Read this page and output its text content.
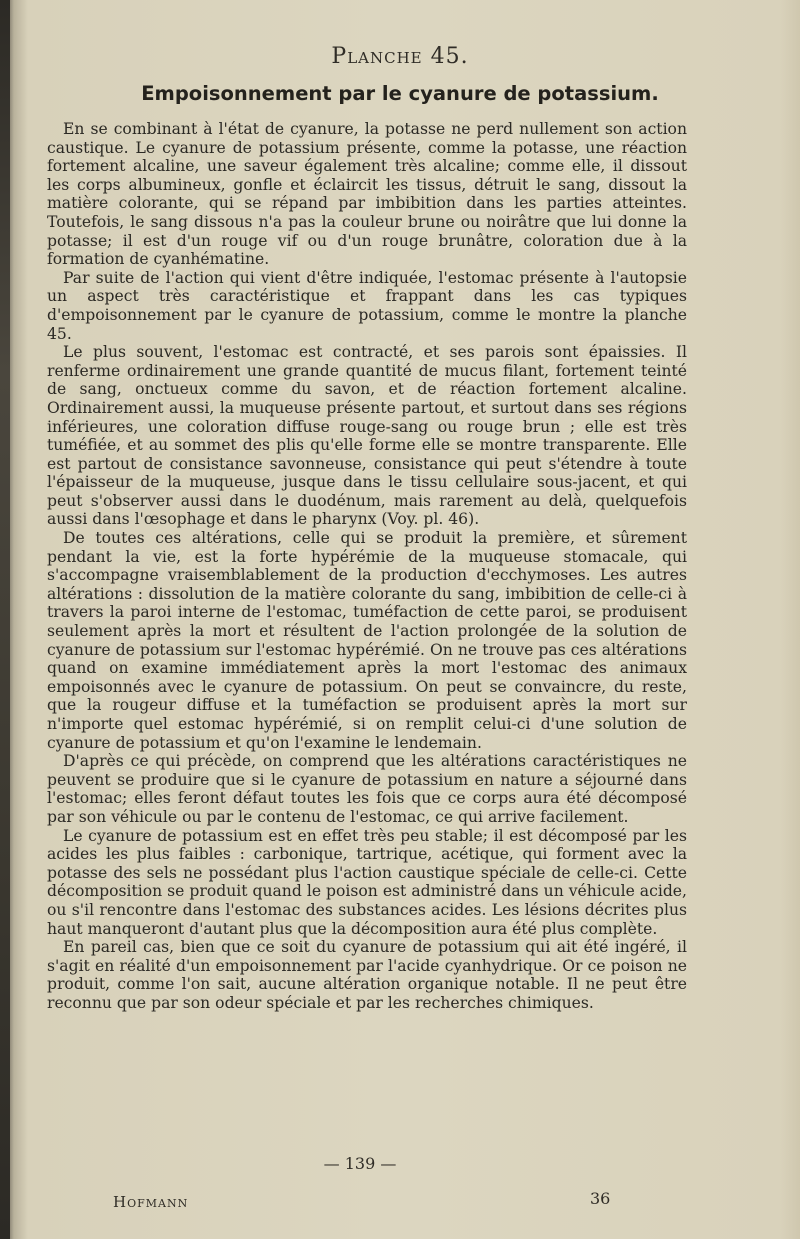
Planche 45.
Empoisonnement par le cyanure de potassium.

En se combinant à l'état de cyanure, la potasse ne perd nullement son action caustique. Le cyanure de potassium présente, comme la potasse, une réaction fortement alcaline, une saveur également très alcaline; comme elle, il dissout les corps albumineux, gonfle et éclaircit les tissus, détruit le sang, dissout la matière colorante, qui se répand par imbibition dans les parties atteintes. Toutefois, le sang dissous n'a pas la couleur brune ou noirâtre que lui donne la potasse; il est d'un rouge vif ou d'un rouge brunâtre, coloration due à la formation de cyanhématine.

Par suite de l'action qui vient d'être indiquée, l'estomac présente à l'autopsie un aspect très caractéristique et frappant dans les cas typiques d'empoisonnement par le cyanure de potassium, comme le montre la planche 45.

Le plus souvent, l'estomac est contracté, et ses parois sont épaissies. Il renferme ordinairement une grande quantité de mucus filant, fortement teinté de sang, onctueux comme du savon, et de réaction fortement alcaline. Ordinairement aussi, la muqueuse présente partout, et surtout dans ses régions inférieures, une coloration diffuse rouge-sang ou rouge brun ; elle est très tuméfiée, et au sommet des plis qu'elle forme elle se montre transparente. Elle est partout de consistance savonneuse, consistance qui peut s'étendre à toute l'épaisseur de la muqueuse, jusque dans le tissu cellulaire sous-jacent, et qui peut s'observer aussi dans le duodénum, mais rarement au delà, quelquefois aussi dans l'œsophage et dans le pharynx (Voy. pl. 46).

De toutes ces altérations, celle qui se produit la première, et sûrement pendant la vie, est la forte hypérémie de la muqueuse stomacale, qui s'accompagne vraisemblablement de la production d'ecchymoses. Les autres altérations : dissolution de la matière colorante du sang, imbibition de celle-ci à travers la paroi interne de l'estomac, tuméfaction de cette paroi, se produisent seulement après la mort et résultent de l'action prolongée de la solution de cyanure de potassium sur l'estomac hypérémié. On ne trouve pas ces altérations quand on examine immédiatement après la mort l'estomac des animaux empoisonnés avec le cyanure de potassium. On peut se convaincre, du reste, que la rougeur diffuse et la tuméfaction se produisent après la mort sur n'importe quel estomac hypérémié, si on remplit celui-ci d'une solution de cyanure de potassium et qu'on l'examine le lendemain.

D'après ce qui précède, on comprend que les altérations caractéristiques ne peuvent se produire que si le cyanure de potassium en nature a séjourné dans l'estomac; elles feront défaut toutes les fois que ce corps aura été décomposé par son véhicule ou par le contenu de l'estomac, ce qui arrive facilement.

Le cyanure de potassium est en effet très peu stable; il est décomposé par les acides les plus faibles : carbonique, tartrique, acétique, qui forment avec la potasse des sels ne possédant plus l'action caustique spéciale de celle-ci. Cette décomposition se produit quand le poison est administré dans un véhicule acide, ou s'il rencontre dans l'estomac des substances acides. Les lésions décrites plus haut manqueront d'autant plus que la décomposition aura été plus complète.

En pareil cas, bien que ce soit du cyanure de potassium qui ait été ingéré, il s'agit en réalité d'un empoisonnement par l'acide cyanhydrique. Or ce poison ne produit, comme l'on sait, aucune altération organique notable. Il ne peut être reconnu que par son odeur spéciale et par les recherches chimiques.

— 139 —
Hofmann	36
